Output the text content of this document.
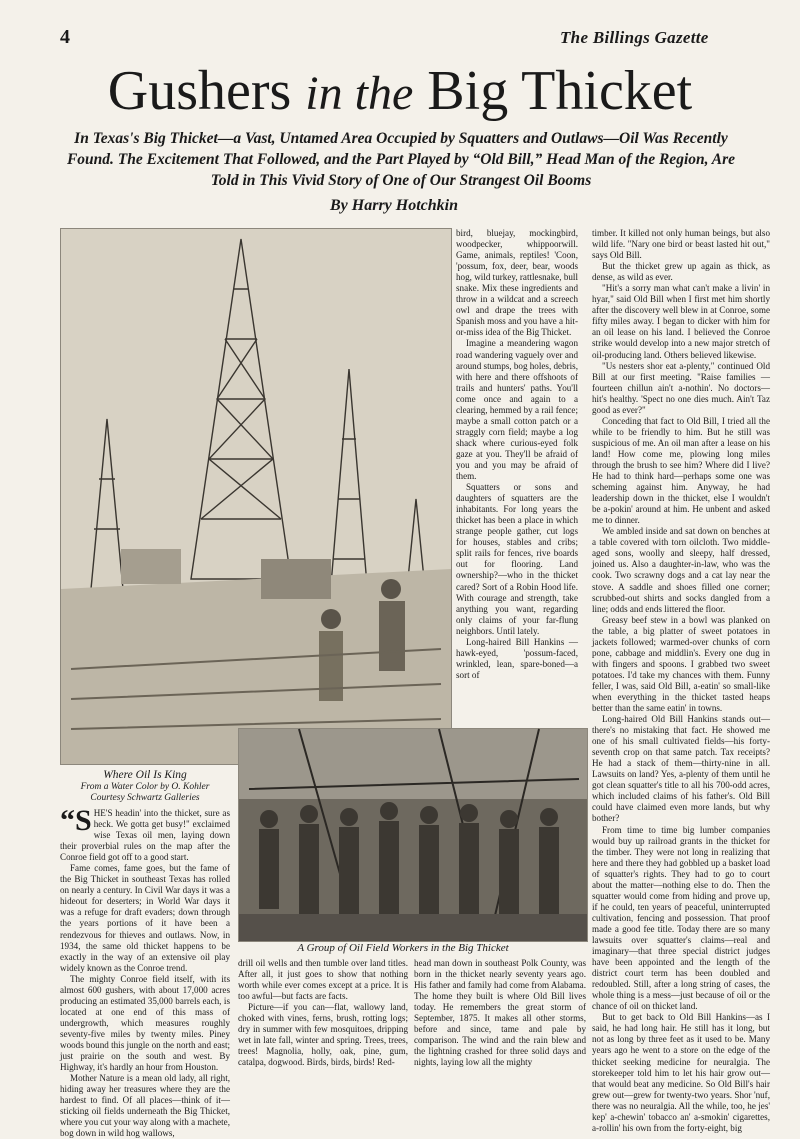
4	The Billings Gazette
Gushers in the Big Thicket
In Texas's Big Thicket—a Vast, Untamed Area Occupied by Squatters and Outlaws—Oil Was Recently Found. The Excitement That Followed, and the Part Played by “Old Bill,” Head Man of the Region, Are Told in This Vivid Story of One of Our Strangest Oil Booms
By Harry Hotchkin
Where Oil Is King
From a Water Color by O. Kohler
Courtesy Schwartz Galleries
A Group of Oil Field Workers in the Big Thicket

“SHE'S headin' into the thicket, sure as heck. We gotta get busy!" exclaimed wise Texas oil men, laying down their proverbial rules on the map after the Conroe field got off to a good start.

Fame comes, fame goes, but the fame of the Big Thicket in southeast Texas has rolled on nearly a century. In Civil War days it was a hideout for deserters; in World War days it was a refuge for draft evaders; down through the years portions of it have been a rendezvous for thieves and outlaws. Now, in 1934, the same old thicket happens to be exactly in the way of an extensive oil play widely known as the Conroe trend.

The mighty Conroe field itself, with its almost 600 gushers, with about 17,000 acres producing an estimated 35,000 barrels each, is located at one end of this mass of undergrowth, which measures roughly seventy-five miles by twenty miles. Piney woods bound this jungle on the north and east; just prairie on the south and west. By Highway, it's hardly an hour from Houston.

Mother Nature is a mean old lady, all right, hiding away her treasures where they are the hardest to find. Of all places—think of it—sticking oil fields underneath the Big Thicket, where you cut your way along with a machete, bog down in wild hog wallows,

bird, bluejay, mockingbird, woodpecker, whippoorwill. Game, animals, reptiles! 'Coon, 'possum, fox, deer, bear, woods hog, wild turkey, rattlesnake, bull snake. Mix these ingredients and throw in a wildcat and a screech owl and drape the trees with Spanish moss and you have a hit-or-miss idea of the Big Thicket.

Imagine a meandering wagon road wandering vaguely over and around stumps, bog holes, debris, with here and there offshoots of trails and hunters' paths. You'll come once and again to a clearing, hemmed by a rail fence; maybe a small cotton patch or a straggly corn field; maybe a log shack where curious-eyed folk gaze at you. They'll be afraid of you and you may be afraid of them.

Squatters or sons and daughters of squatters are the inhabitants. For long years the thicket has been a place in which strange people gather, cut logs for houses, stables and cribs; split rails for fences, rive boards out for flooring. Land ownership?—who in the thicket cared? Sort of a Robin Hood life. With courage and strength, take anything you want, regarding only claims of your far-flung neighbors. Until lately.

Long-haired Bill Hankins — hawk-eyed, 'possum-faced, wrinkled, lean, spare-boned—a sort of

drill oil wells and then tumble over land titles. After all, it just goes to show that nothing worth while ever comes except at a price. It is too awful—but facts are facts.

Picture—if you can—flat, wallowy land, choked with vines, ferns, brush, rotting logs; dry in summer with few mosquitoes, dripping wet in late fall, winter and spring. Trees, trees, trees! Magnolia, holly, oak, pine, gum, catalpa, dogwood. Birds, birds, birds! Red-

head man down in southeast Polk County, was born in the thicket nearly seventy years ago. His father and family had come from Alabama. The home they built is where Old Bill lives today. He remembers the great storm of September, 1875. It makes all other storms, before and since, tame and pale by comparison. The wind and the rain blew and the lightning crashed for three solid days and nights, laying low all the mighty

timber. It killed not only human beings, but also wild life. "Nary one bird or beast lasted hit out," says Old Bill.

But the thicket grew up again as thick, as dense, as wild as ever.

"Hit's a sorry man what can't make a livin' in hyar," said Old Bill when I first met him shortly after the discovery well blew in at Conroe, some fifty miles away. I began to dicker with him for an oil lease on his land. I believed the Conroe strike would develop into a new major stretch of oil-producing land. Others believed likewise.

"Us nesters shor eat a-plenty," continued Old Bill at our first meeting. "Raise families —fourteen chillun ain't a-nothin'. No doctors—hit's healthy. 'Spect no one dies much. Ain't Taz good as ever?"

Conceding that fact to Old Bill, I tried all the while to be friendly to him. But he still was suspicious of me. An oil man after a lease on his land! How come me, plowing long miles through the brush to see him? Where did I live? He had to think hard—perhaps some one was scheming against him. Anyway, he had leadership down in the thicket, else I wouldn't be a-pokin' around at him. He unbent and asked me to dinner.

We ambled inside and sat down on benches at a table covered with torn oilcloth. Two middle-aged sons, woolly and sleepy, half dressed, joined us. Also a daughter-in-law, who was the cook. Two scrawny dogs and a cat lay near the stove. A saddle and shoes filled one corner; scrubbed-out shirts and socks dangled from a line; odds and ends littered the floor.

Greasy beef stew in a bowl was planked on the table, a big platter of sweet potatoes in jackets followed; warmed-over chunks of corn pone, cabbage and middlin's. Every one dug in with fingers and spoons. I grabbed two sweet potatoes. I'd take my chances with them. Funny feller, I was, said Old Bill, a-eatin' so small-like when everything in the thicket tasted heaps better than the same eatin' in towns.

Long-haired Old Bill Hankins stands out—there's no mistaking that fact. He showed me one of his small cultivated fields—his forty-seventh crop on that same patch. Tax receipts? He had a stack of them—thirty-nine in all. Lawsuits on land? Yes, a-plenty of them until he got clean squatter's title to all his 700-odd acres, which included claims of his father's. Old Bill could have claimed even more lands, but why bother?

From time to time big lumber companies would buy up railroad grants in the thicket for the timber. They were not long in realizing that here and there they had gobbled up a basket load of squatter's rights. They had to go to court about the matter—nothing else to do. Then the squatter would come from hiding and prove up, if he could, ten years of peaceful, uninterrupted cultivation, fencing and possession. That proof made a good fee title. Today there are so many lawsuits over squatter's claims—real and imaginary—that three special district judges have been appointed and the length of the district court term has been doubled and redoubled. Still, after a long string of cases, the whole thing is a mess—just because of oil or the chance of oil on thicket land.

But to get back to Old Bill Hankins—as I said, he had long hair. He still has it long, but not as long by three feet as it used to be. Many years ago he went to a store on the edge of the thicket seeking medicine for neuralgia. The storekeeper told him to let his hair grow out—that would beat any medicine. So Old Bill's hair grew out—grew for twenty-two years. Shor 'nuf, there was no neuralgia. All the while, too, he jes' kep' a-chewin' tobacco an' a-smokin' cigarettes, a-rollin' his own from the forty-eight, big
